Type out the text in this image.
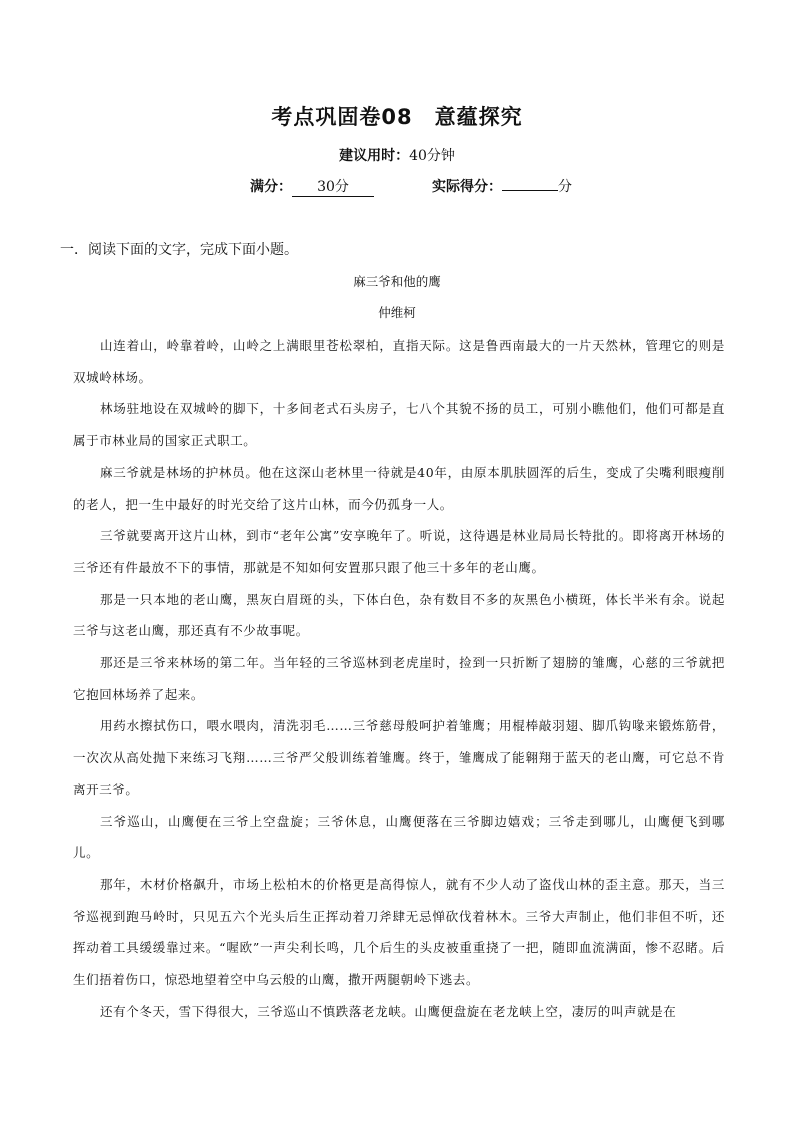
考点巩固卷08 意蕴探究
建议用时：40分钟
满分： 30分	实际得分：	分
一．阅读下面的文字，完成下面小题。
麻三爷和他的鹰
仲维柯

山连着山，岭靠着岭，山岭之上满眼里苍松翠柏，直指天际。这是鲁西南最大的一片天然林，管理它的则是双城岭林场。

林场驻地设在双城岭的脚下，十多间老式石头房子，七八个其貌不扬的员工，可别小瞧他们，他们可都是直属于市林业局的国家正式职工。

麻三爷就是林场的护林员。他在这深山老林里一待就是40年，由原本肌肤圆浑的后生，变成了尖嘴利眼瘦削的老人，把一生中最好的时光交给了这片山林，而今仍孤身一人。

三爷就要离开这片山林，到市“老年公寓”安享晚年了。听说，这待遇是林业局局长特批的。即将离开林场的三爷还有件最放不下的事情，那就是不知如何安置那只跟了他三十多年的老山鹰。

那是一只本地的老山鹰，黑灰白眉斑的头，下体白色，杂有数目不多的灰黑色小横斑，体长半米有余。说起三爷与这老山鹰，那还真有不少故事呢。

那还是三爷来林场的第二年。当年轻的三爷巡林到老虎崖时，捡到一只折断了翅膀的雏鹰，心慈的三爷就把它抱回林场养了起来。

用药水擦拭伤口，喂水喂肉，清洗羽毛……三爷慈母般呵护着雏鹰；用棍棒敲羽翅、脚爪钩喙来锻炼筋骨，一次次从高处抛下来练习飞翔……三爷严父般训练着雏鹰。终于，雏鹰成了能翱翔于蓝天的老山鹰，可它总不肯离开三爷。

三爷巡山，山鹰便在三爷上空盘旋；三爷休息，山鹰便落在三爷脚边嬉戏；三爷走到哪儿，山鹰便飞到哪儿。

那年，木材价格飙升，市场上松柏木的价格更是高得惊人，就有不少人动了盗伐山林的歪主意。那天，当三爷巡视到跑马岭时，只见五六个光头后生正挥动着刀斧肆无忌惮砍伐着林木。三爷大声制止，他们非但不听，还挥动着工具缓缓靠过来。“喔欧”一声尖利长鸣，几个后生的头皮被重重挠了一把，随即血流满面，惨不忍睹。后生们捂着伤口，惊恐地望着空中乌云般的山鹰，撒开两腿朝岭下逃去。

还有个冬天，雪下得很大，三爷巡山不慎跌落老龙峡。山鹰便盘旋在老龙峡上空，凄厉的叫声就是在
